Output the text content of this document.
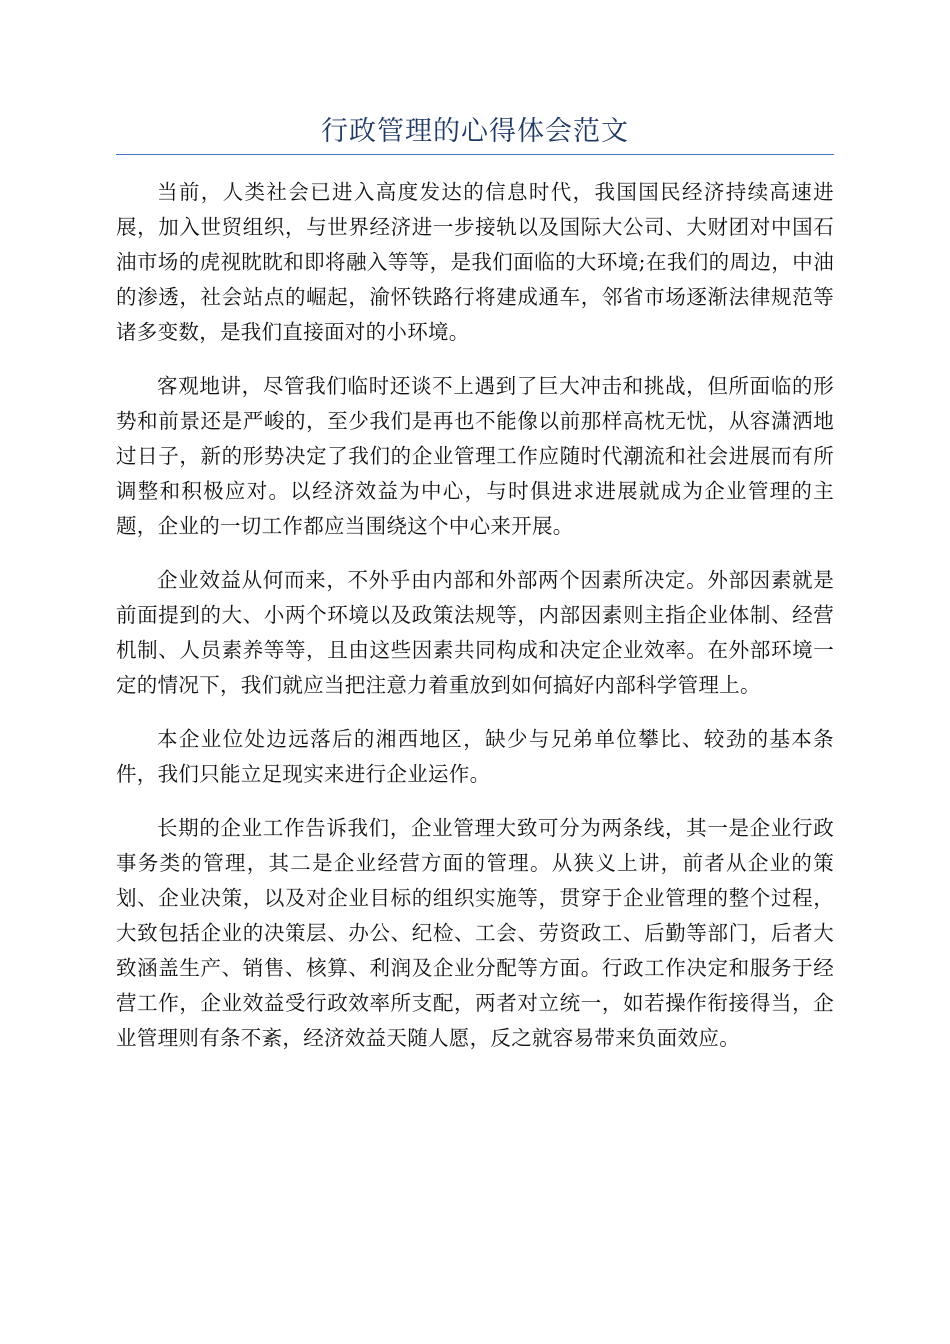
行政管理的心得体会范文

当前，人类社会已进入高度发达的信息时代，我国国民经济持续高速进展，加入世贸组织，与世界经济进一步接轨以及国际大公司、大财团对中国石油市场的虎视眈眈和即将融入等等，是我们面临的大环境;在我们的周边，中油的渗透，社会站点的崛起，渝怀铁路行将建成通车，邻省市场逐渐法律规范等诸多变数，是我们直接面对的小环境。

客观地讲，尽管我们临时还谈不上遇到了巨大冲击和挑战，但所面临的形势和前景还是严峻的，至少我们是再也不能像以前那样高枕无忧，从容潇洒地过日子，新的形势决定了我们的企业管理工作应随时代潮流和社会进展而有所调整和积极应对。以经济效益为中心，与时俱进求进展就成为企业管理的主题，企业的一切工作都应当围绕这个中心来开展。

企业效益从何而来，不外乎由内部和外部两个因素所决定。外部因素就是前面提到的大、小两个环境以及政策法规等，内部因素则主指企业体制、经营机制、人员素养等等，且由这些因素共同构成和决定企业效率。在外部环境一定的情况下，我们就应当把注意力着重放到如何搞好内部科学管理上。

本企业位处边远落后的湘西地区，缺少与兄弟单位攀比、较劲的基本条件，我们只能立足现实来进行企业运作。

长期的企业工作告诉我们，企业管理大致可分为两条线，其一是企业行政事务类的管理，其二是企业经营方面的管理。从狭义上讲，前者从企业的策划、企业决策，以及对企业目标的组织实施等，贯穿于企业管理的整个过程，大致包括企业的决策层、办公、纪检、工会、劳资政工、后勤等部门，后者大致涵盖生产、销售、核算、利润及企业分配等方面。行政工作决定和服务于经营工作，企业效益受行政效率所支配，两者对立统一，如若操作衔接得当，企业管理则有条不紊，经济效益天随人愿，反之就容易带来负面效应。
